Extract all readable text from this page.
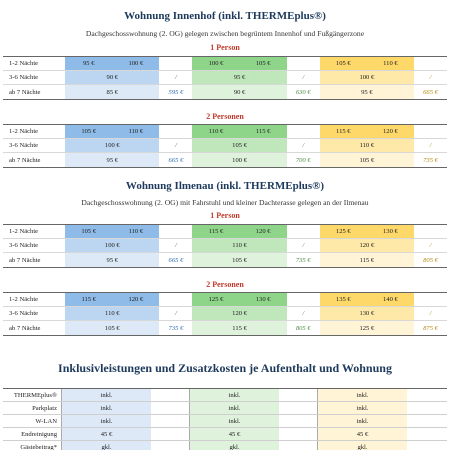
Wohnung Innenhof (inkl. THERMEplus®)
Dachgeschosswohnung (2. OG) gelegen zwischen begrüntem Innenhof und Fußgängerzone
1 Person
1-2 Nächte	95 €	100 €	100 €	105 €	105 €	110 €
3-6 Nächte	90 €	/	95 €	/	100 €	/
ab 7 Nächte	85 €	595 €	90 €	630 €	95 €	665 €
2 Personen
1-2 Nächte	105 €	110 €	110 €	115 €	115 €	120 €
3-6 Nächte	100 €	/	105 €	/	110 €	/
ab 7 Nächte	95 €	665 €	100 €	700 €	105 €	735 €
Wohnung Ilmenau (inkl. THERMEplus®)
Dachgeschosswohnung (2. OG) mit Fahrstuhl und kleiner Dachterasse gelegen an der Ilmenau
1 Person
1-2 Nächte	105 €	110 €	115 €	120 €	125 €	130 €
3-6 Nächte	100 €	/	110 €	/	120 €	/
ab 7 Nächte	95 €	665 €	105 €	735 €	115 €	805 €
2 Personen
1-2 Nächte	115 €	120 €	125 €	130 €	135 €	140 €
3-6 Nächte	110 €	/	120 €	/	130 €	/
ab 7 Nächte	105 €	735 €	115 €	805 €	125 €	875 €
Inklusivleistungen und Zusatzkosten je Aufenthalt und Wohnung
THERMEplus®	inkl.	inkl.	inkl.
Parkplatz	inkl.	inkl.	inkl.
W-LAN	inkl.	inkl.	inkl.
Endreinigung	45 €	45 €	45 €
Gästebeitrag*	gkl.	gkl.	gkl.
